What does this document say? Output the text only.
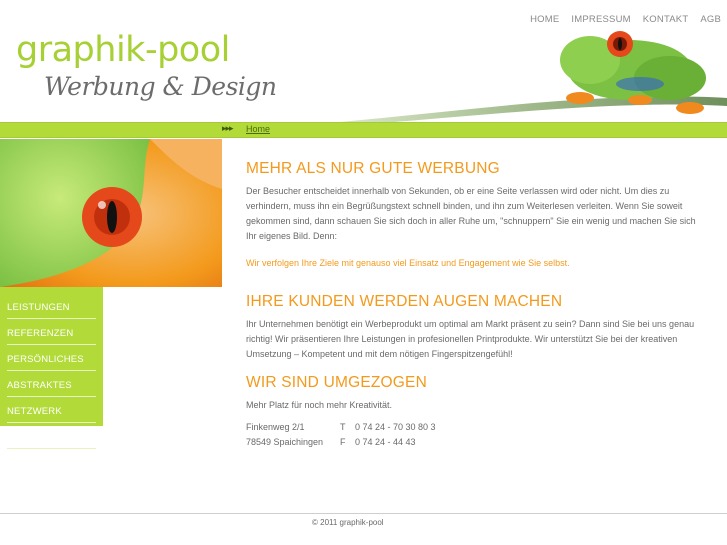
HOME IMPRESSUM KONTAKT AGB
graphik-pool
Werbung & Design
▸▸▸ Home
LEISTUNGEN
REFERENZEN
PERSÖNLICHES
ABSTRAKTES
NETZWERK
NEWS
MEHR ALS NUR GUTE WERBUNG

Der Besucher entscheidet innerhalb von Sekunden, ob er eine Seite verlassen wird oder nicht. Um dies zu verhindern, muss ihn ein Begrüßungstext schnell binden, und ihn zum Weiterlesen verleiten. Wenn Sie soweit gekommen sind, dann schauen Sie sich doch in aller Ruhe um, "schnuppern" Sie ein wenig und machen Sie sich Ihr eigenes Bild. Denn:

Wir verfolgen Ihre Ziele mit genauso viel Einsatz und Engagement wie Sie selbst.

IHRE KUNDEN WERDEN AUGEN MACHEN

Ihr Unternehmen benötigt ein Werbeprodukt um optimal am Markt präsent zu sein? Dann sind Sie bei uns genau richtig! Wir präsentieren Ihre Leistungen in profesionellen Printprodukte. Wir unterstützt Sie bei der kreativen Umsetzung – Kompetent und mit dem nötigen Fingerspitzengefühl!

WIR SIND UMGEZOGEN

Mehr Platz für noch mehr Kreativität.

Finkenweg 2/1	T	0 74 24 - 70 30 80 3
78549 Spaichingen	F	0 74 24 - 44 43
© 2011 graphik-pool
